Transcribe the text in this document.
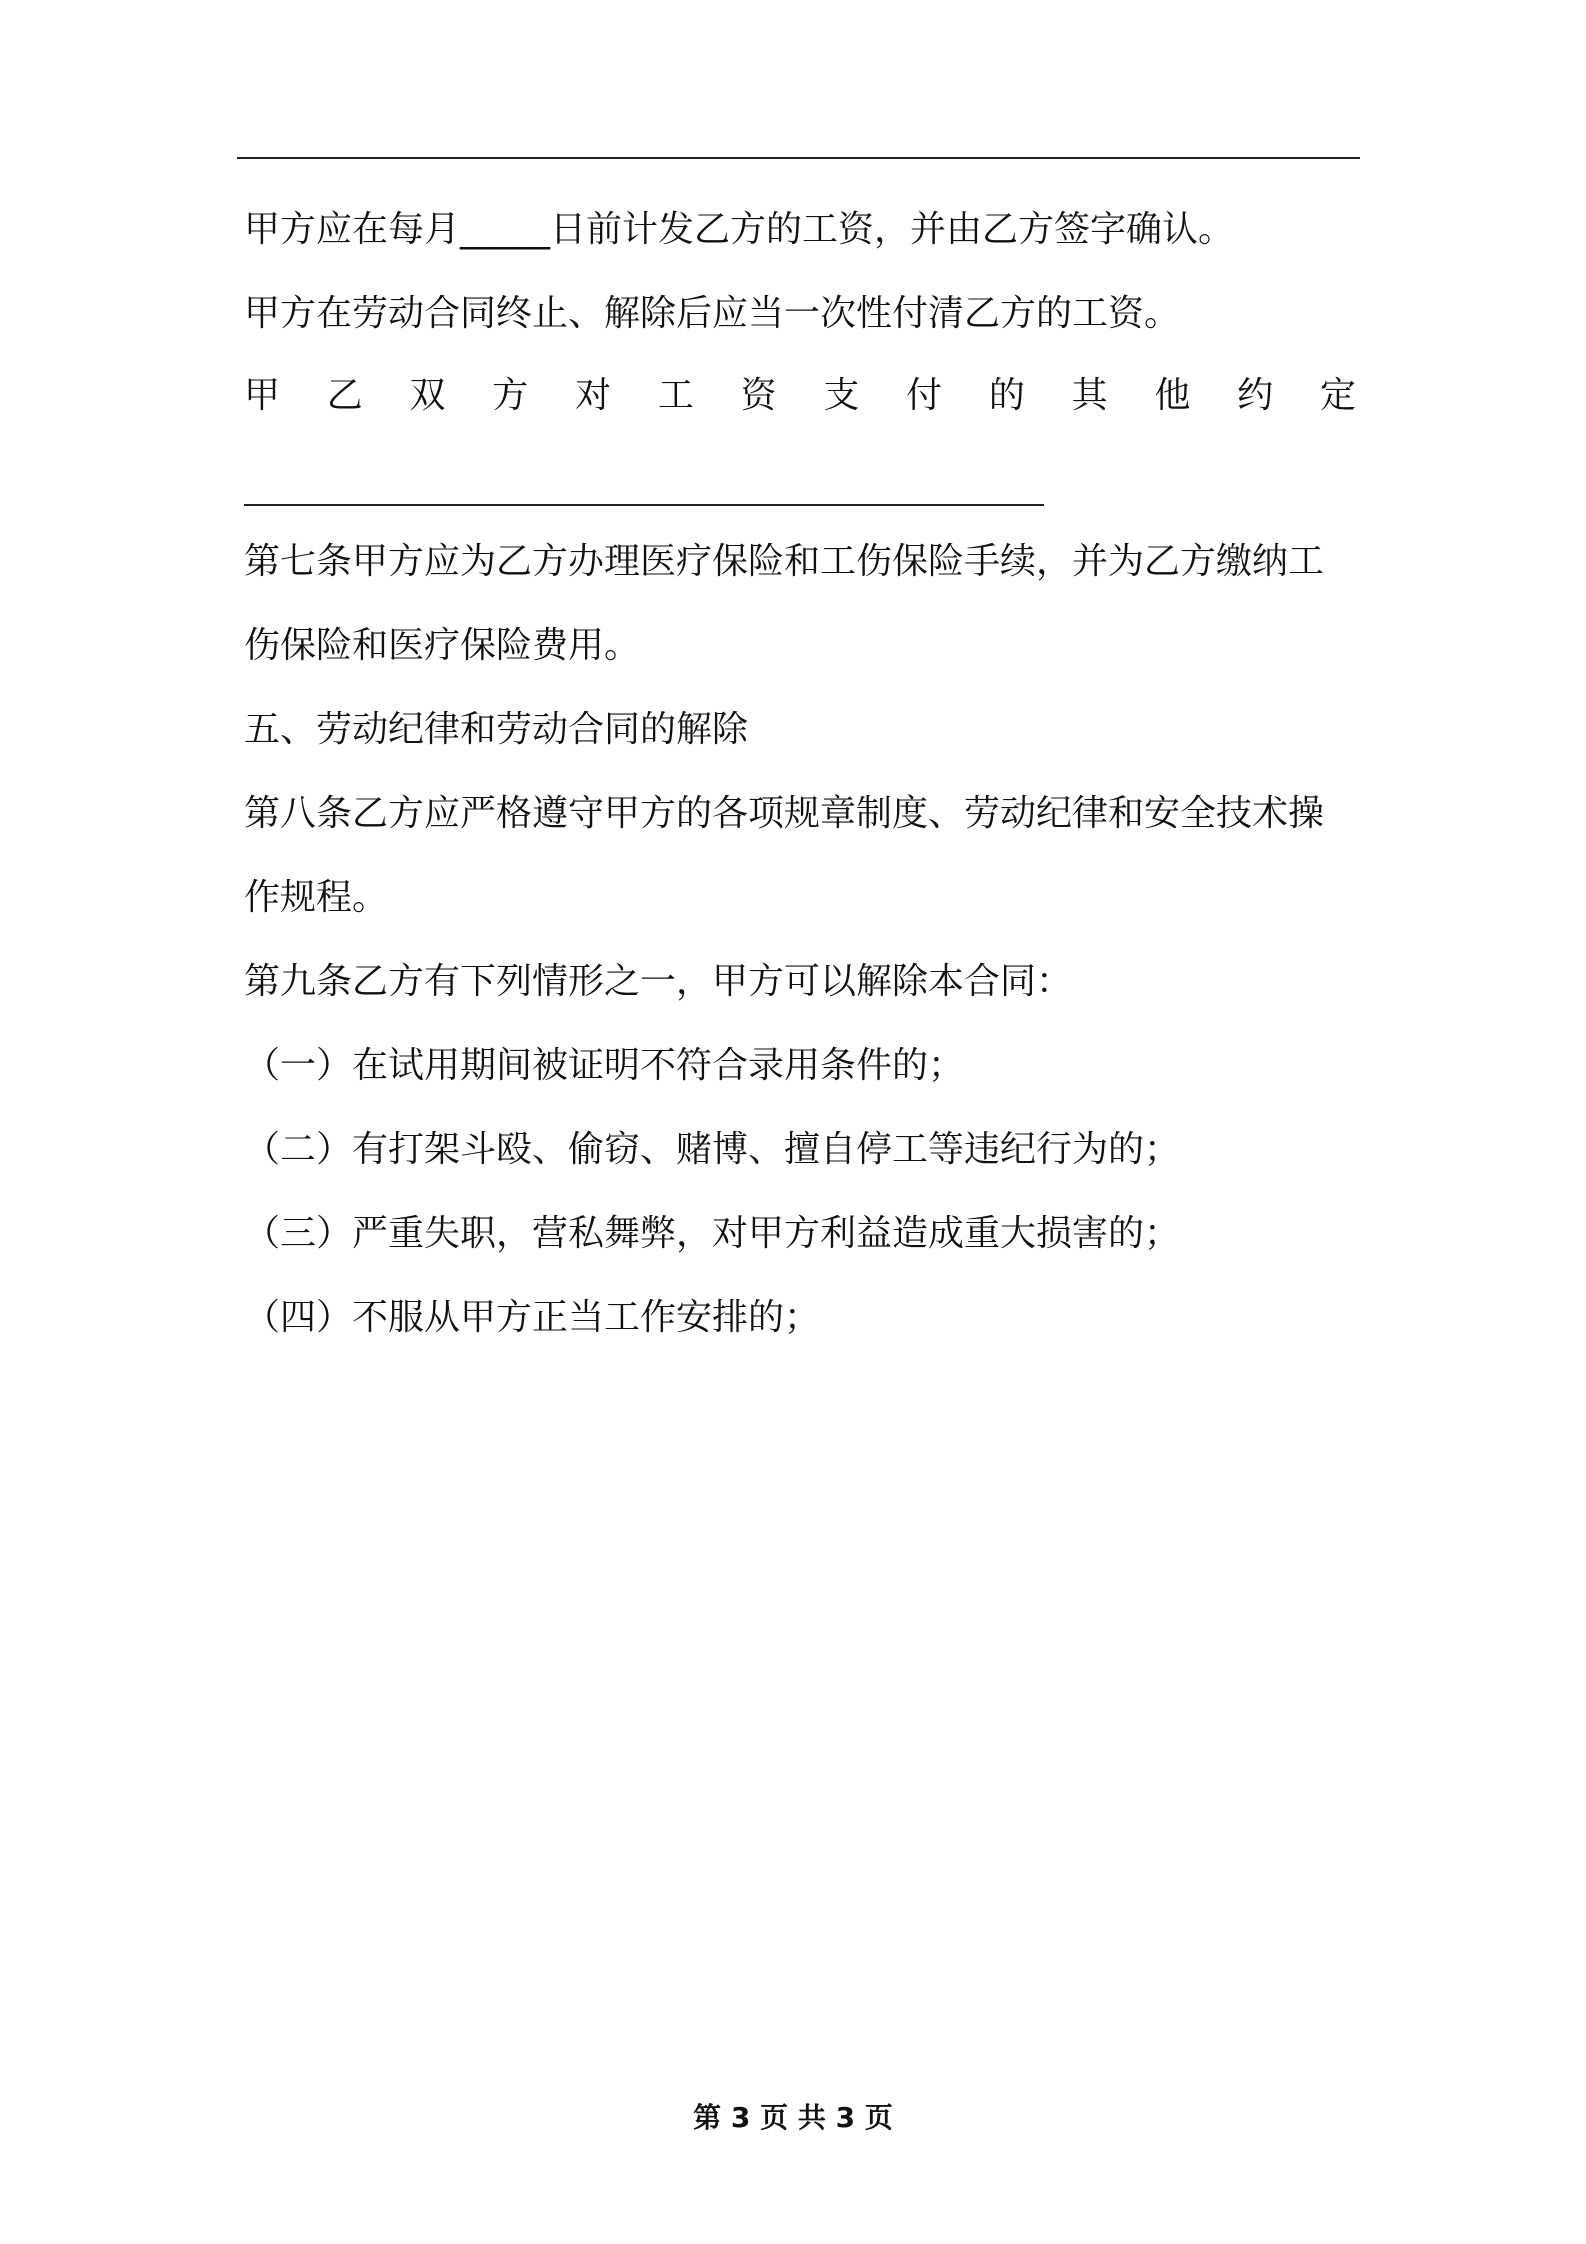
甲方应在每月_____日前计发乙方的工资，并由乙方签字确认。
甲方在劳动合同终止、解除后应当一次性付清乙方的工资。
甲 乙 双 方 对 工 资 支 付 的 其 他 约 定
第七条甲方应为乙方办理医疗保险和工伤保险手续，并为乙方缴纳工
伤保险和医疗保险费用。
五、劳动纪律和劳动合同的解除
第八条乙方应严格遵守甲方的各项规章制度、劳动纪律和安全技术操
作规程。
第九条乙方有下列情形之一，甲方可以解除本合同：
（一）在试用期间被证明不符合录用条件的；
（二）有打架斗殴、偷窃、赌博、擅自停工等违纪行为的；
（三）严重失职，营私舞弊，对甲方利益造成重大损害的；
（四）不服从甲方正当工作安排的；
第 3 页 共 3 页
